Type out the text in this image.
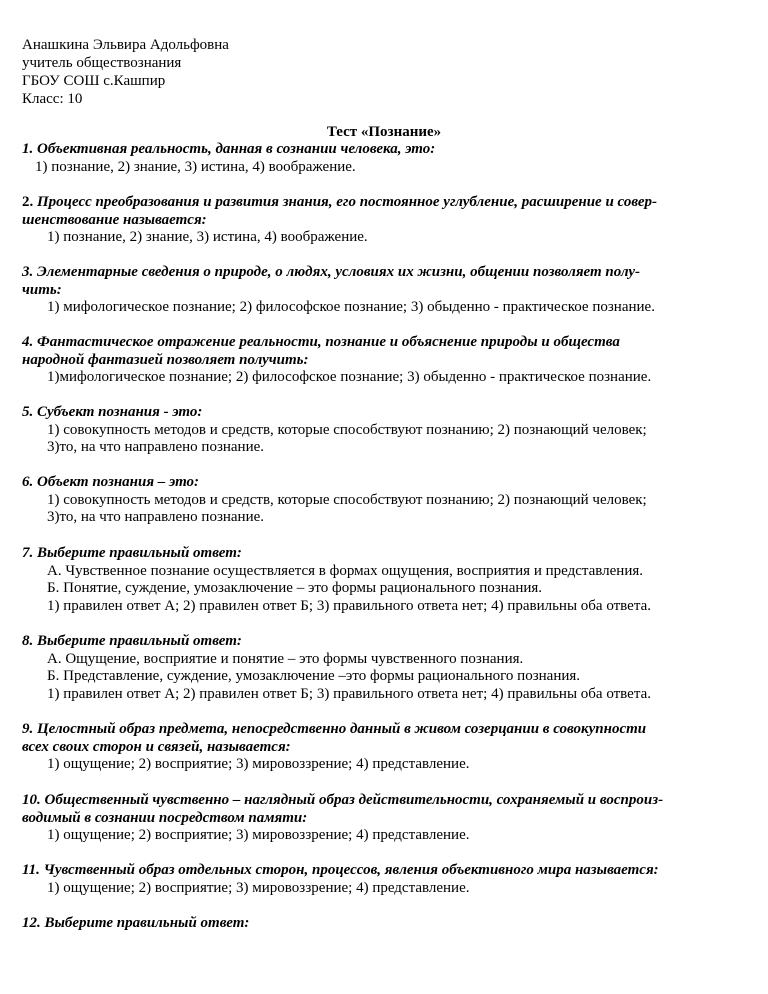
Анашкина Эльвира Адольфовна
учитель обществознания
ГБОУ СОШ с.Кашпир
Класс: 10
Тест «Познание»
1. Объективная реальность, данная в сознании человека, это:
1) познание, 2) знание, 3) истина, 4) воображение.
2. Процесс преобразования и развития знания, его постоянное углубление, расширение и совер-
шенствование называется:
1) познание, 2) знание, 3) истина, 4) воображение.
3. Элементарные сведения о природе, о людях, условиях их жизни, общении позволяет полу-
чить:
1) мифологическое познание; 2) философское познание; 3) обыденно - практическое познание.
4. Фантастическое отражение реальности, познание и объяснение природы и общества
народной фантазией позволяет получить:
1)мифологическое познание; 2) философское познание; 3) обыденно - практическое познание.
5. Субъект познания - это:
1) совокупность методов и средств, которые способствуют познанию; 2) познающий человек;
3)то, на что направлено познание.
6. Объект познания – это:
1) совокупность методов и средств, которые способствуют познанию; 2) познающий человек;
3)то, на что направлено познание.
7. Выберите правильный ответ:
А. Чувственное познание осуществляется в формах ощущения, восприятия и представления.
Б. Понятие, суждение, умозаключение – это формы рационального познания.
1) правилен ответ А; 2) правилен ответ Б; 3) правильного ответа нет; 4) правильны оба ответа.
8. Выберите правильный ответ:
А. Ощущение, восприятие и понятие – это формы чувственного познания.
Б. Представление, суждение, умозаключение –это формы рационального познания.
1) правилен ответ А; 2) правилен ответ Б; 3) правильного ответа нет; 4) правильны оба ответа.
9. Целостный образ предмета, непосредственно данный в живом созерцании в совокупности
всех своих сторон и связей, называется:
1) ощущение; 2) восприятие; 3) мировоззрение; 4) представление.
10. Общественный чувственно – наглядный образ действительности, сохраняемый и воспроиз-
водимый в сознании посредством памяти:
1) ощущение; 2) восприятие; 3) мировоззрение; 4) представление.
11. Чувственный образ отдельных сторон, процессов, явления объективного мира называется:
1) ощущение; 2) восприятие; 3) мировоззрение; 4) представление.
12. Выберите правильный ответ:
